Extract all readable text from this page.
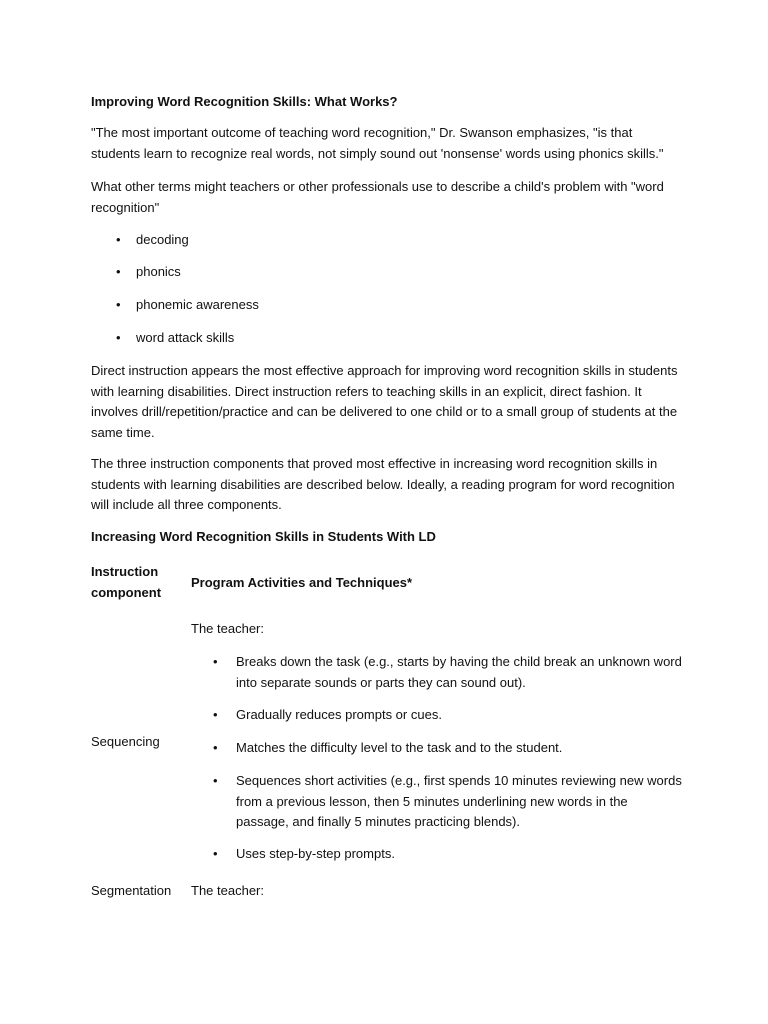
Improving Word Recognition Skills: What Works?

"The most important outcome of teaching word recognition," Dr. Swanson emphasizes, "is that students learn to recognize real words, not simply sound out 'nonsense' words using phonics skills."

What other terms might teachers or other professionals use to describe a child's problem with "word recognition"

• decoding
• phonics
• phonemic awareness
• word attack skills

Direct instruction appears the most effective approach for improving word recognition skills in students with learning disabilities. Direct instruction refers to teaching skills in an explicit, direct fashion. It involves drill/repetition/practice and can be delivered to one child or to a small group of students at the same time.

The three instruction components that proved most effective in increasing word recognition skills in students with learning disabilities are described below. Ideally, a reading program for word recognition will include all three components.

Increasing Word Recognition Skills in Students With LD

Instruction component

Program Activities and Techniques*

Sequencing

The teacher:

• Breaks down the task (e.g., starts by having the child break an unknown word into separate sounds or parts they can sound out).
• Gradually reduces prompts or cues.
• Matches the difficulty level to the task and to the student.
• Sequences short activities (e.g., first spends 10 minutes reviewing new words from a previous lesson, then 5 minutes underlining new words in the passage, and finally 5 minutes practicing blends).
• Uses step-by-step prompts.

Segmentation	The teacher:
